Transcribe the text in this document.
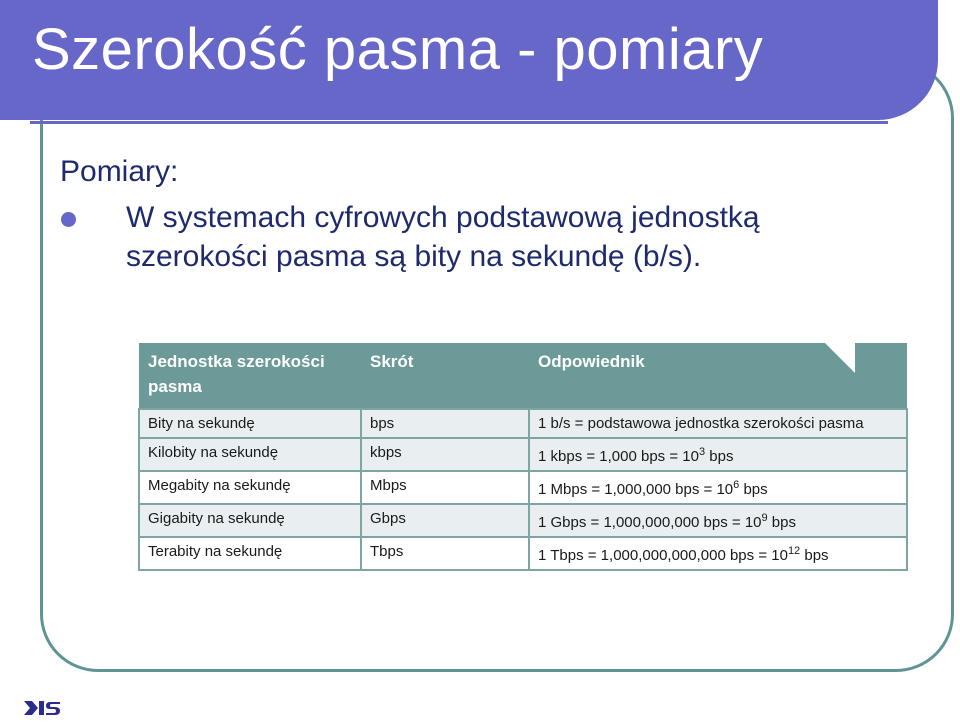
Szerokość pasma - pomiary
Pomiary:
W systemach cyfrowych podstawową jednostką szerokości pasma są bity na sekundę (b/s).
Jednostka szerokości pasma	Skrót	Odpowiednik
Bity na sekundę	bps	1 b/s = podstawowa jednostka szerokości pasma
Kilobity na sekundę	kbps	1 kbps = 1,000 bps = $10^3$ bps
Megabity na sekundę	Mbps	1 Mbps = 1,000,000 bps = $10^6$ bps
Gigabity na sekundę	Gbps	1 Gbps = 1,000,000,000 bps = $10^9$ bps
Terabity na sekundę	Tbps	1 Tbps = 1,000,000,000,000 bps = $10^{12}$ bps
